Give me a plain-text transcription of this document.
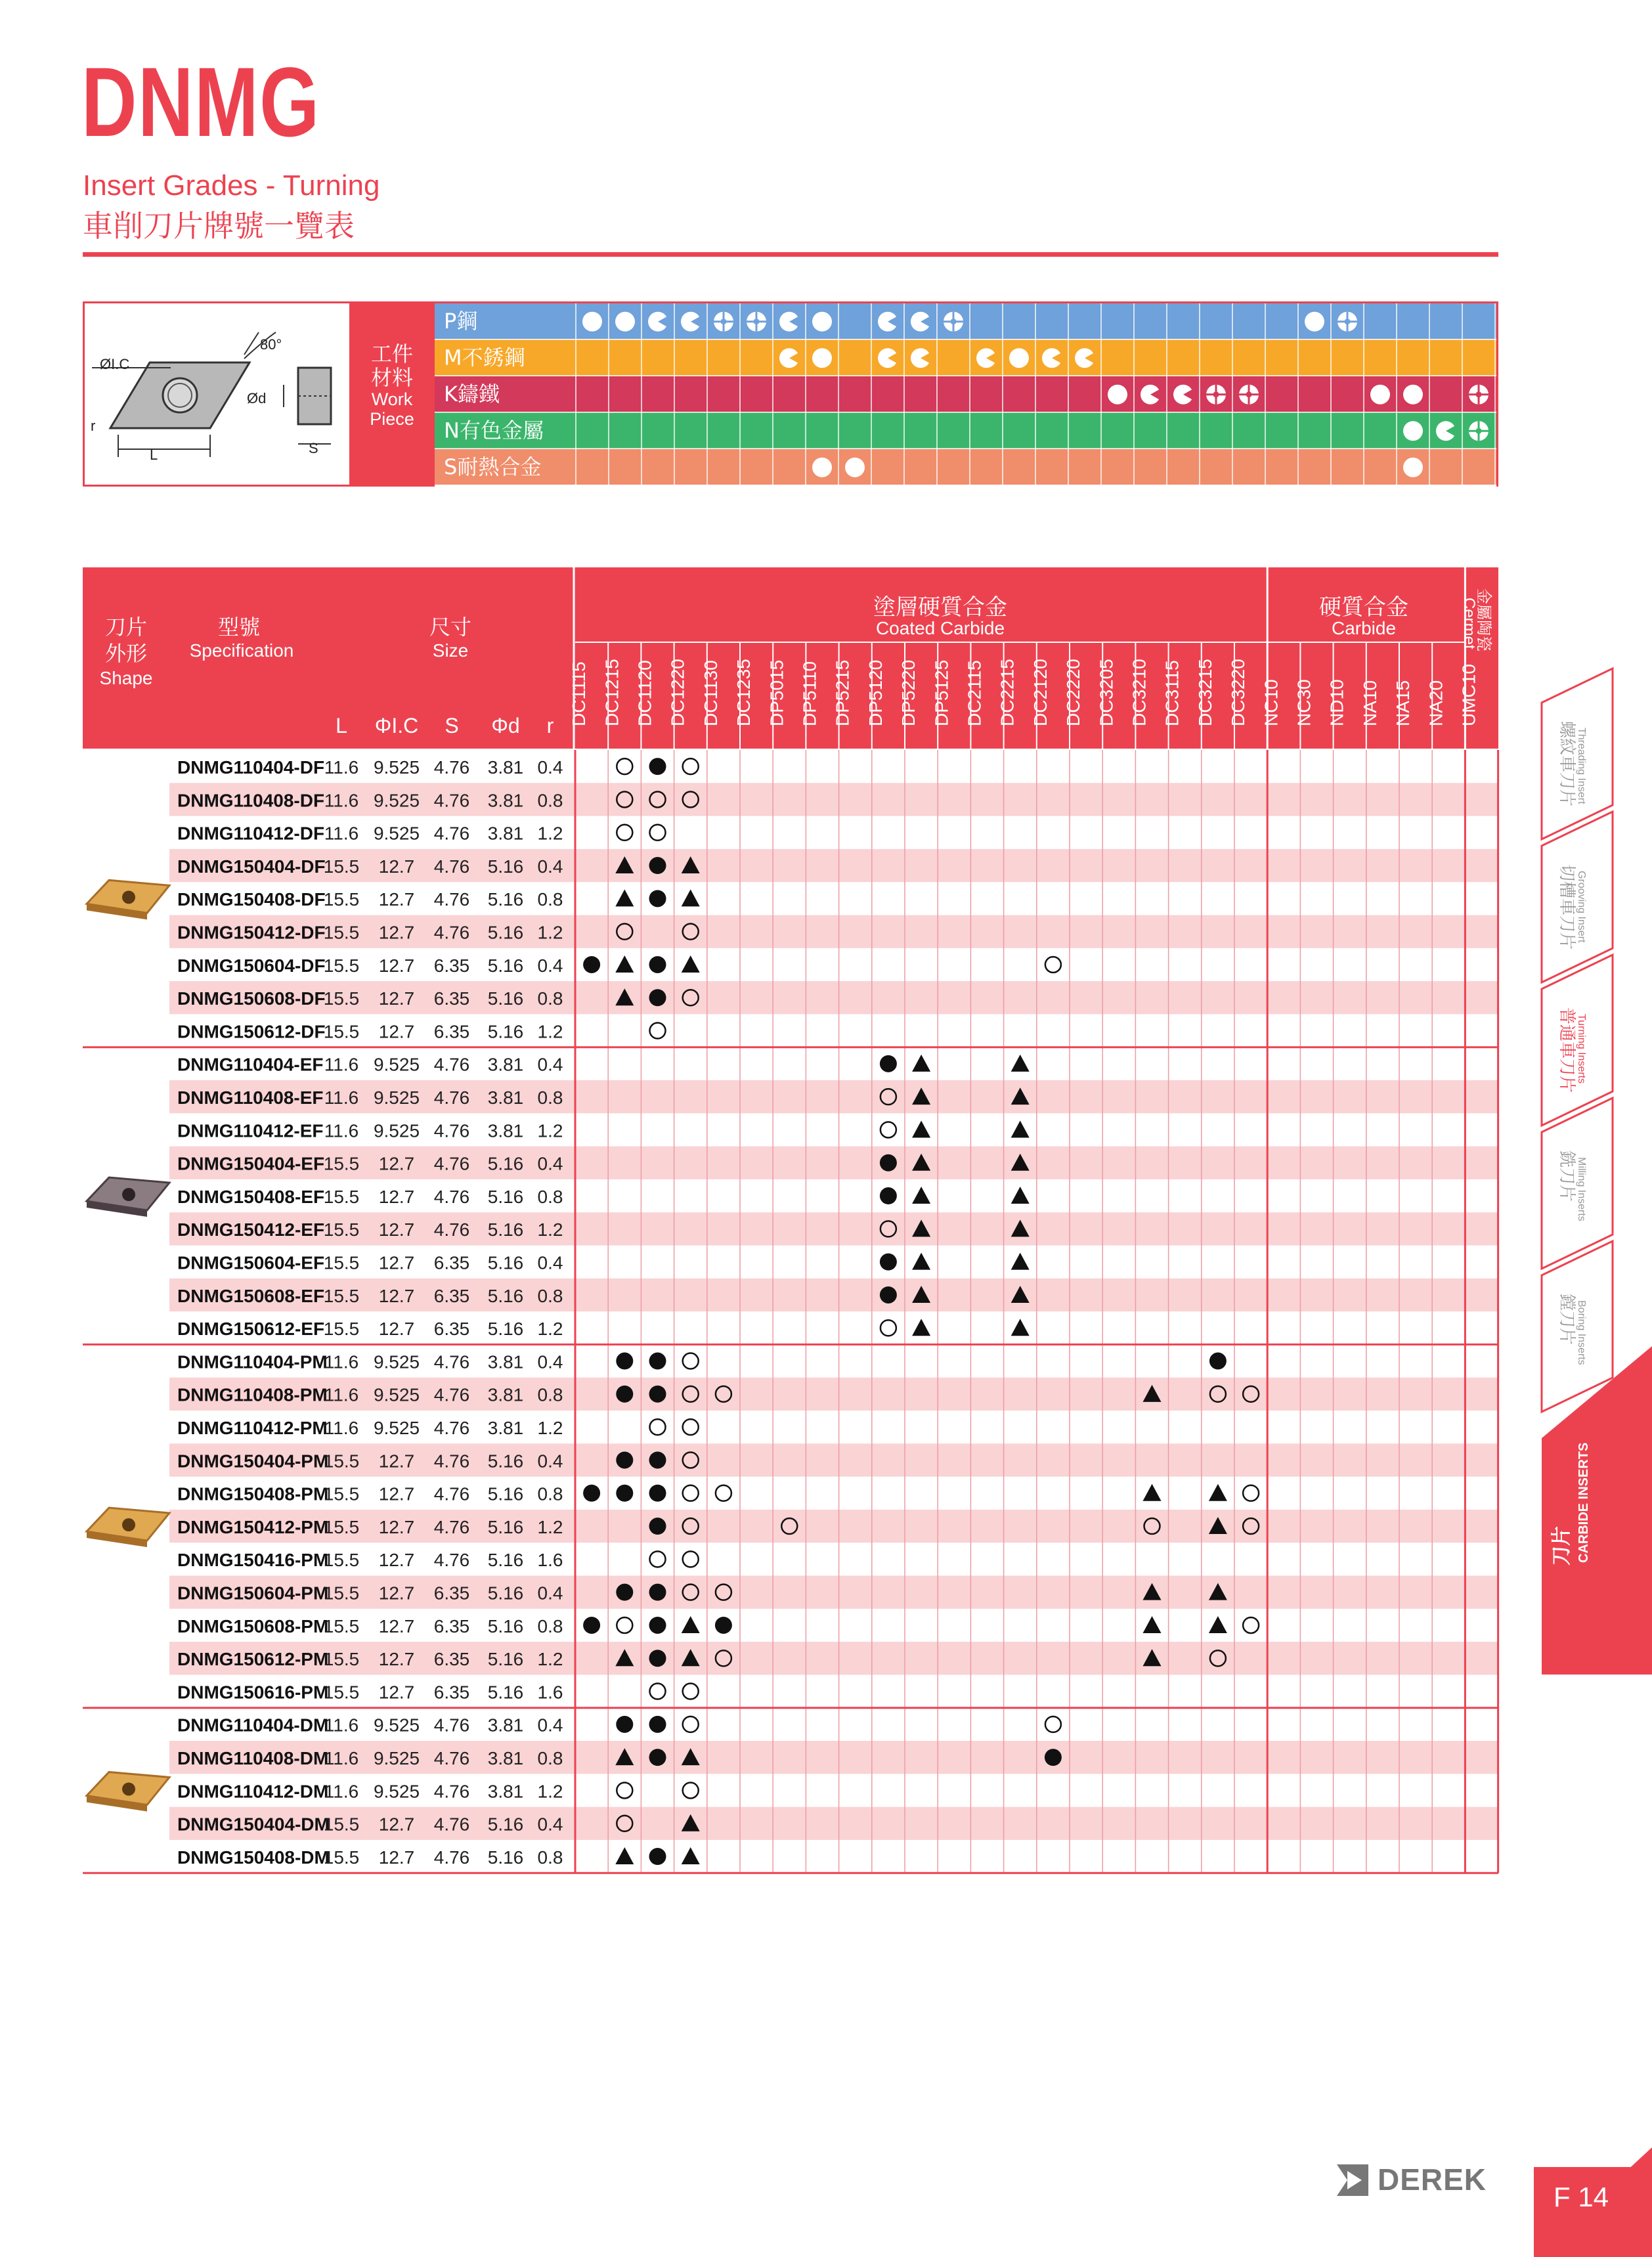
DNMG
Insert Grades - Turning
車削刀片牌號一覽表
工件
材料
Work
Piece
ØI.C
80°
Ød
L	S
r
P鋼
M不銹鋼
K鑄鐵
N有色金屬
S耐熱合金
刀片
外形
Shape
型號
Specification
尺寸
Size
L ΦI.C S Φd r
塗層硬質合金
Coated Carbide
硬質合金
Carbide	金屬陶瓷
Cermet
DC1115 DC1215 DC1120 DC1220 DC1130 DC1235 DP5015 DP5110 DP5215 DP5120 DP5220 DP5125 DC2115 DC2215 DC2120 DC2220 DC3205 DC3210 DC3115 DC3215 DC3220 NC10 NC30 ND10 NA10 NA15 NA20 UMC10
DNMG110404-DF 11.6 9.525 4.76 3.81 0.4
DNMG110408-DF 11.6 9.525 4.76 3.81 0.8
DNMG110412-DF 11.6 9.525 4.76 3.81 1.2
DNMG150404-DF
15.5 12.7 4.76 5.16 0.4
DNMG150408-DF
15.5 12.7 4.76 5.16 0.8
DNMG150412-DF
15.5 12.7 4.76 5.16 1.2
DNMG150604-DF
15.5 12.7 6.35 5.16 0.4
DNMG150608-DF
15.5 12.7 6.35 5.16 0.8
DNMG150612-DF
15.5 12.7 6.35 5.16 1.2
DNMG110404-EF 11.6 9.525 4.76 3.81 0.4
DNMG110408-EF 11.6 9.525 4.76 3.81 0.8
DNMG110412-EF 11.6 9.525 4.76 3.81 1.2
DNMG150404-EF
15.5 12.7 4.76 5.16 0.4
DNMG150408-EF
15.5 12.7 4.76 5.16 0.8
DNMG150412-EF
15.5 12.7 4.76 5.16 1.2
DNMG150604-EF
15.5 12.7 6.35 5.16 0.4
DNMG150608-EF
15.5 12.7 6.35 5.16 0.8
DNMG150612-EF
15.5 12.7 6.35 5.16 1.2
DNMG110404-PM
11.6 9.525 4.76 3.81 0.4
DNMG110408-PM
11.6 9.525 4.76 3.81 0.8
DNMG110412-PM
11.6 9.525 4.76 3.81 1.2
DNMG150404-PM
15.5 12.7 4.76 5.16 0.4
DNMG150408-PM
15.5 12.7 4.76 5.16 0.8
DNMG150412-PM
15.5 12.7 4.76 5.16 1.2
DNMG150416-PM
15.5 12.7 4.76 5.16 1.6
DNMG150604-PM
15.5 12.7 6.35 5.16 0.4
DNMG150608-PM
15.5 12.7 6.35 5.16 0.8
DNMG150612-PM
15.5 12.7 6.35 5.16 1.2
DNMG150616-PM
15.5 12.7 6.35 5.16 1.6
DNMG110404-DM
11.6 9.525 4.76 3.81 0.4
DNMG110408-DM
11.6 9.525 4.76 3.81 0.8
DNMG110412-DM
11.6 9.525 4.76 3.81 1.2
DNMG150404-DM
15.5 12.7 4.76 5.16 0.4
DNMG150408-DM
15.5 12.7 4.76 5.16 0.8
螺紋車刀片 Threading Insert
切槽車刀片 Grooving Insert
普通車刀片 Turning Inserts
銑刀片 Milling Inserts
鏜刀片 Boring Inserts
刀片 CARBIDE INSERTS
DEREK
F 14
